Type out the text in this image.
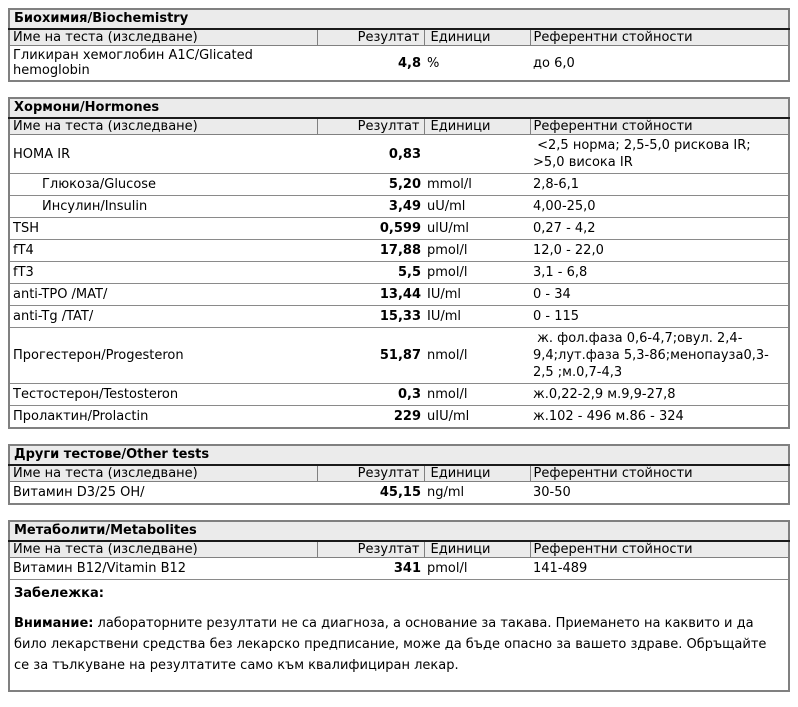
Биохимия/Biochemistry			
Име на теста (изследване)	Резултат	Единици	Референтни стойности
Гликиран хемоглобин A1C/Glicated hemoglobin	4,8	%	до 6,0
Хормони/Hormones			
Име на теста (изследване)	Резултат	Единици	Референтни стойности
HOMA IR	0,83		<2,5 норма; 2,5-5,0 рискова IR; >5,0 висока IR
Глюкоза/Glucose	5,20	mmol/l	2,8-6,1
Инсулин/Insulin	3,49	uU/ml	4,00-25,0
TSH	0,599	ulU/ml	0,27 - 4,2
fT4	17,88	pmol/l	12,0 - 22,0
fT3	5,5	pmol/l	3,1 - 6,8
anti-TPO /MAT/	13,44	IU/ml	0 - 34
anti-Tg /TAT/	15,33	IU/ml	0 - 115
Прогестерон/Progesteron	51,87	nmol/l	ж. фол.фаза 0,6-4,7;овул. 2,4-9,4;лут.фаза 5,3-86;менопауза0,3-2,5 ;м.0,7-4,3
Тестостерон/Testosteron	0,3	nmol/l	ж.0,22-2,9 м.9,9-27,8
Пролактин/Prolactin	229	uIU/ml	ж.102 - 496 м.86 - 324
Други тестове/Other tests			
Име на теста (изследване)	Резултат	Единици	Референтни стойности
Витамин D3/25 OH/	45,15	ng/ml	30-50
Метаболити/Metabolites			
Име на теста (изследване)	Резултат	Единици	Референтни стойности
Витамин B12/Vitamin B12	341	pmol/l	141-489

Забележка:

Внимание: лабораторните резултати не са диагноза, а основание за такава. Приемането на каквито и да било лекарствени средства без лекарско предписание, може да бъде опасно за вашето здраве. Обръщайте се за тълкуване на резултатите само към квалифициран лекар.			
